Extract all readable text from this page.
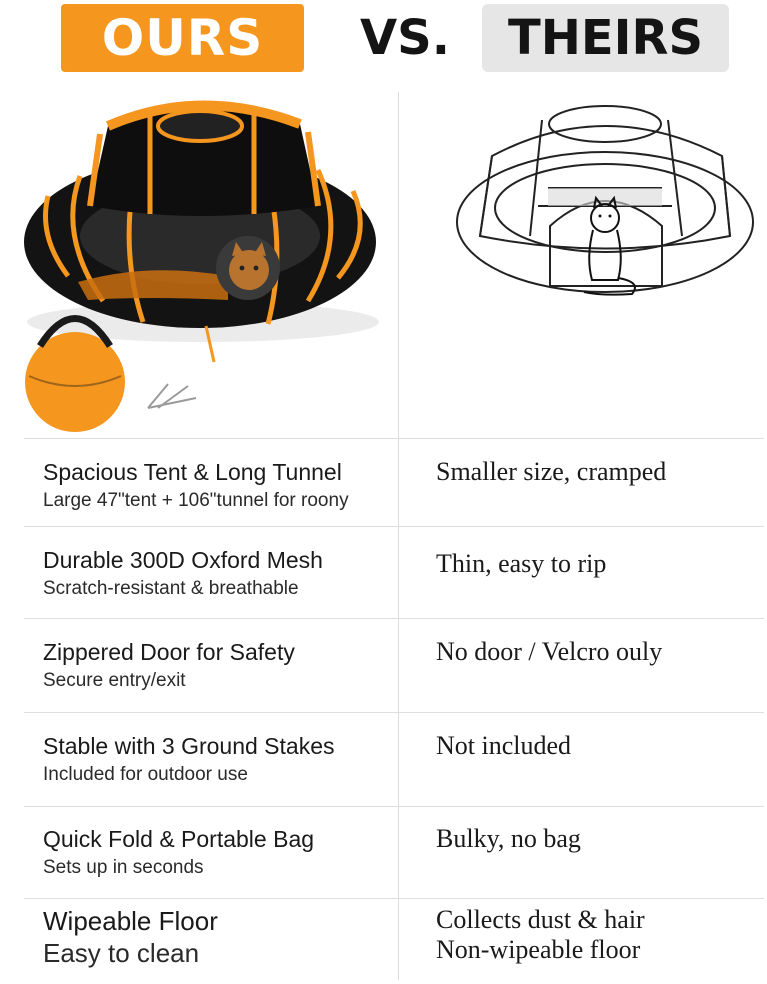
OURS	VS.	THEIRS
Spacious Tent & Long Tunnel
Large 47"tent + 106"tunnel for roony
Smaller size, cramped
Durable 300D Oxford Mesh
Scratch-resistant & breathable
Thin, easy to rip
Zippered Door for Safety
Secure entry/exit
No door / Velcro ouly
Stable with 3 Ground Stakes
Included for outdoor use
Not included
Quick Fold & Portable Bag
Sets up in seconds
Bulky, no bag
Wipeable Floor
Easy to clean
Collects dust & hair
Non-wipeable floor
